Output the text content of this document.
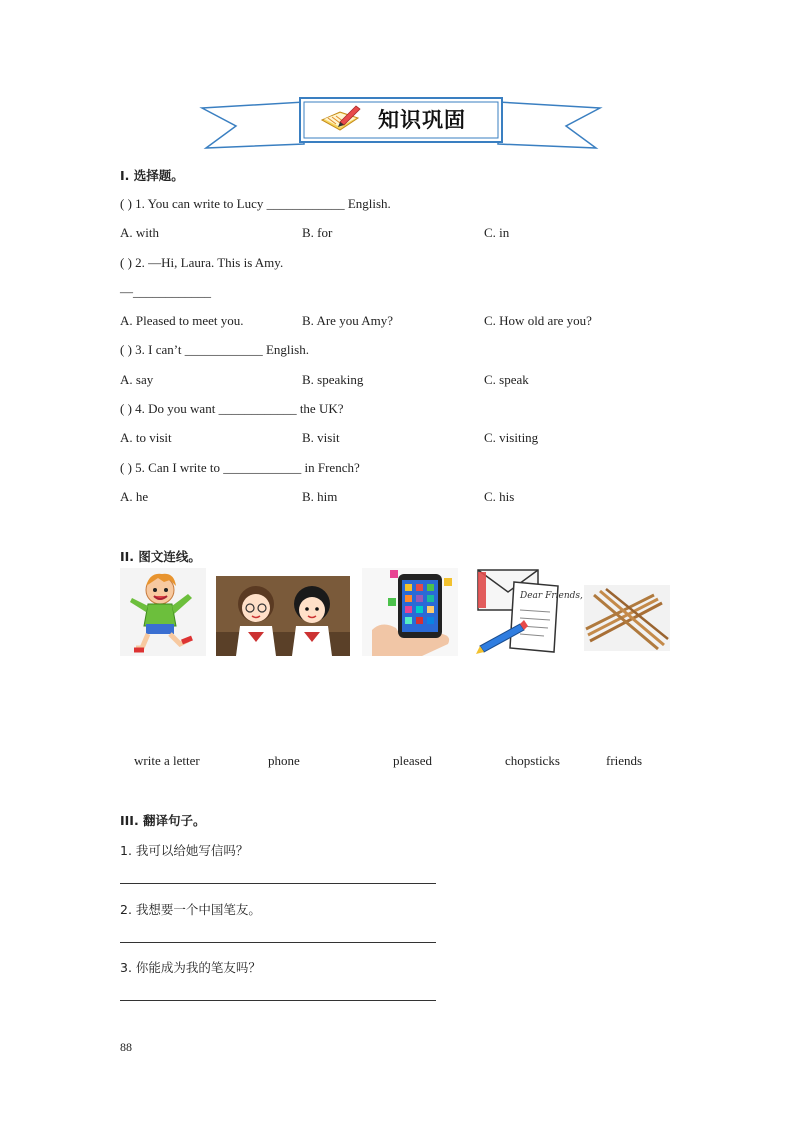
知识巩固
I. 选择题。
( ) 1. You can write to Lucy ____________ English.
A. with	B. for	C. in
( ) 2. —Hi, Laura. This is Amy.
—____________
A. Pleased to meet you.	B. Are you Amy?	C. How old are you?
( ) 3. I can’t ____________ English.
A. say	B. speaking	C. speak
( ) 4. Do you want ____________ the UK?
A. to visit	B. visit	C. visiting
( ) 5. Can I write to ____________ in French?
A. he	B. him	C. his
II. 图文连线。
Dear Friends,
write a letter	phone	pleased	chopsticks	friends
III. 翻译句子。
1. 我可以给她写信吗？
2. 我想要一个中国笔友。
3. 你能成为我的笔友吗？
88
